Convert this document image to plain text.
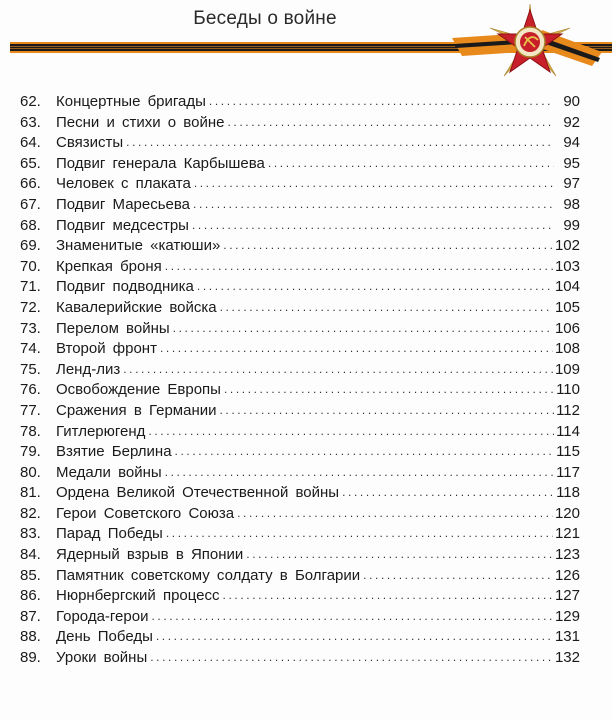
Беседы о войне
62.	Концертные бригады .....	90
63.	Песни и стихи о войне .....	92
64.	Связисты .....	94
65.	Подвиг генерала Карбышева .....	95
66.	Человек с плаката .....	97
67.	Подвиг Маресьева .....	98
68.	Подвиг медсестры .....	99
69.	Знаменитые «катюши» .....	102
70.	Крепкая броня .....	103
71.	Подвиг подводника .....	104
72.	Кавалерийские войска .....	105
73.	Перелом войны .....	106
74.	Второй фронт .....	108
75.	Ленд-лиз .....	109
76.	Освобождение Европы .....	110
77.	Сражения в Германии .....	112
78.	Гитлерюгенд .....	114
79.	Взятие Берлина .....	115
80.	Медали войны .....	117
81.	Ордена Великой Отечественной войны .....	118
82.	Герои Советского Союза .....	120
83.	Парад Победы .....	121
84.	Ядерный взрыв в Японии .....	123
85.	Памятник советскому солдату в Болгарии .....	126
86.	Нюрнбергский процесс .....	127
87.	Города-герои .....	129
88.	День Победы .....	131
89.	Уроки войны .....	132
